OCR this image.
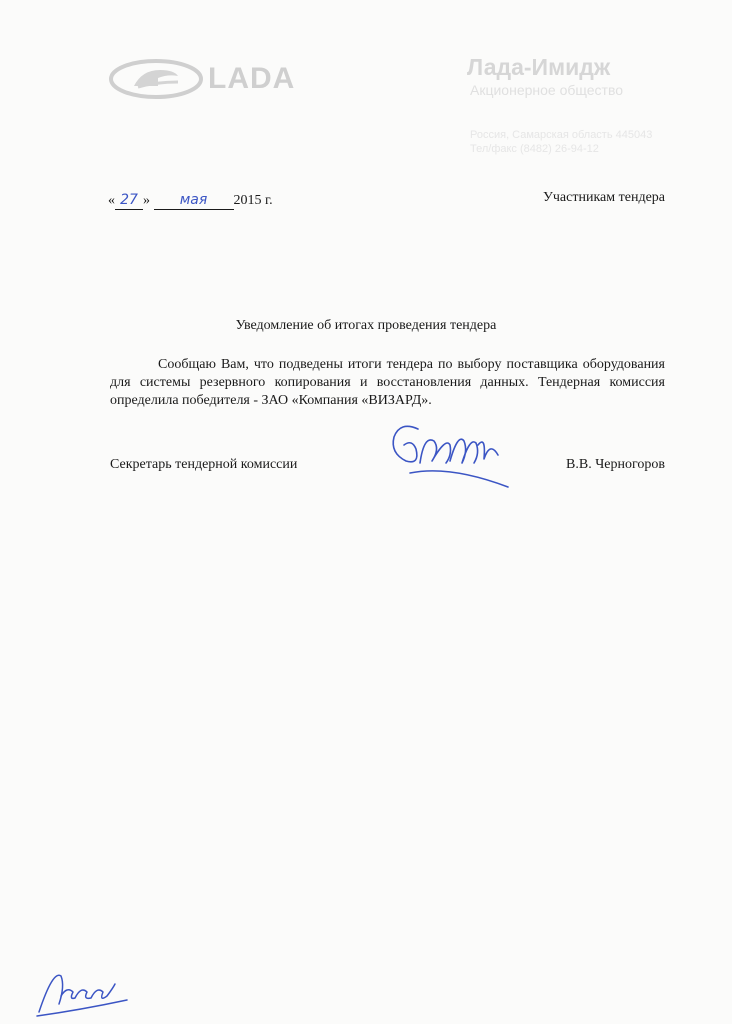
LADA	Лада-Имидж
Акционерное общество
Россия, Самарская область 445043
Тел/факс (8482) 26-94-12
« 27 » мая 2015 г.	Участникам тендера
Уведомление об итогах проведения тендера
Сообщаю Вам, что подведены итоги тендера по выбору поставщика оборудования для системы резервного копирования и восстановления данных. Тендерная комиссия определила победителя - ЗАО «Компания «ВИЗАРД».
Секретарь тендерной комиссии	В.В. Черногоров
